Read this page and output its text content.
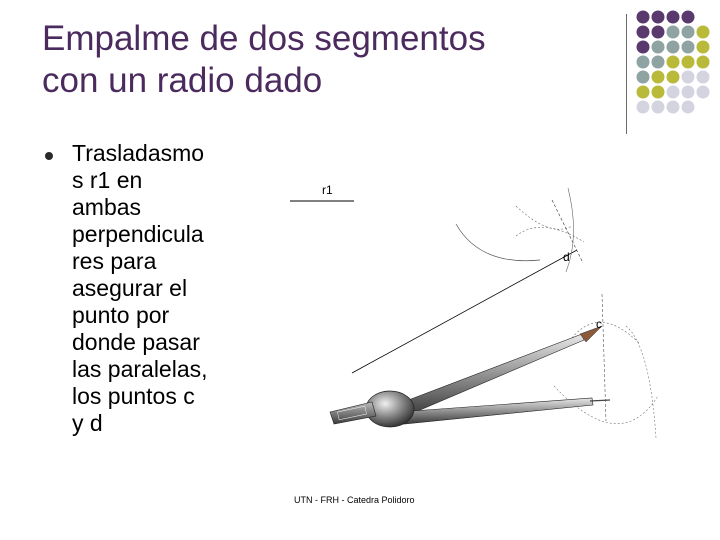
Empalme de dos segmentos
con un radio dado
Trasladasmo
s r1 en
ambas
perpendicula
res para
asegurar el
punto por
donde pasar
las paralelas,
los puntos c
y d
r1
d
c
UTN - FRH - Catedra Polidoro
